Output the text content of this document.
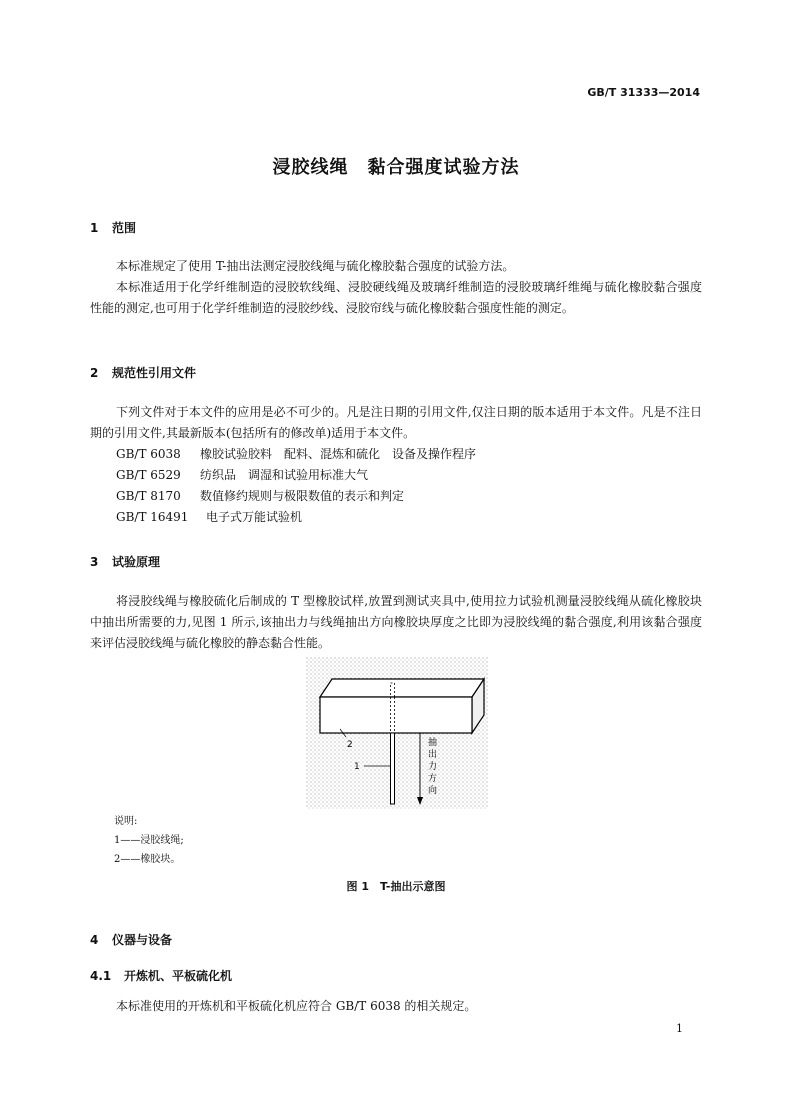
GB/T 31333—2014
浸胶线绳　黏合强度试验方法
1 范围

本标准规定了使用 T-抽出法测定浸胶线绳与硫化橡胶黏合强度的试验方法。

本标准适用于化学纤维制造的浸胶软线绳、浸胶硬线绳及玻璃纤维制造的浸胶玻璃纤维绳与硫化橡胶黏合强度性能的测定,也可用于化学纤维制造的浸胶纱线、浸胶帘线与硫化橡胶黏合强度性能的测定。

2 规范性引用文件

下列文件对于本文件的应用是必不可少的。凡是注日期的引用文件,仅注日期的版本适用于本文件。凡是不注日期的引用文件,其最新版本(包括所有的修改单)适用于本文件。

GB/T 6038 橡胶试验胶料　配料、混炼和硫化　设备及操作程序
GB/T 6529 纺织品　调湿和试验用标准大气
GB/T 8170 数值修约规则与极限数值的表示和判定
GB/T 16491 电子式万能试验机
3 试验原理

将浸胶线绳与橡胶硫化后制成的 T 型橡胶试样,放置到测试夹具中,使用拉力试验机测量浸胶线绳从硫化橡胶块中抽出所需要的力,见图 1 所示,该抽出力与线绳抽出方向橡胶块厚度之比即为浸胶线绳的黏合强度,利用该黏合强度来评估浸胶线绳与硫化橡胶的静态黏合性能。

2
1
抽
出
力
方
向
说明:
1——浸胶线绳;
2——橡胶块。
图 1　T-抽出示意图
4 仪器与设备
4.1 开炼机、平板硫化机

本标准使用的开炼机和平板硫化机应符合 GB/T 6038 的相关规定。

1
